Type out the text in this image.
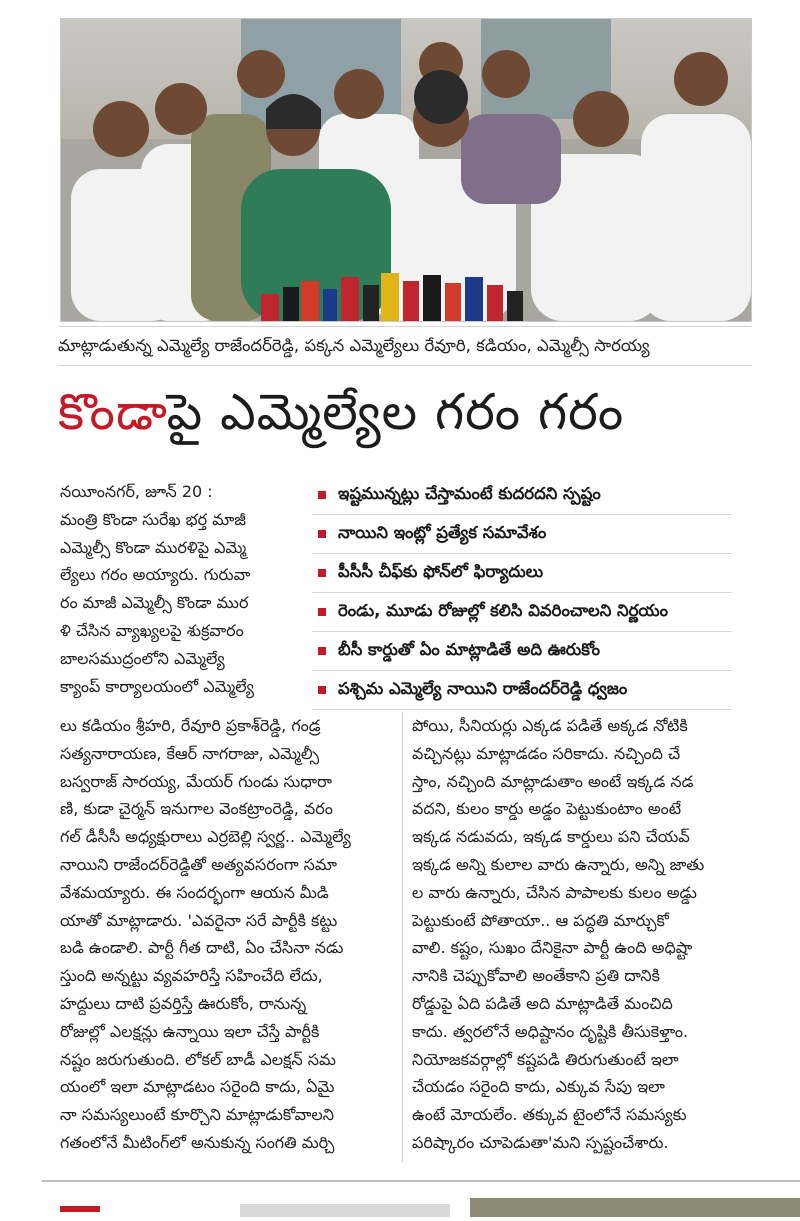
మాట్లాడుతున్న ఎమ్మెల్యే రాజేందర్‌రెడ్డి, పక్కన ఎమ్మెల్యేలు రేవూరి, కడియం, ఎమ్మెల్సీ సారయ్య
కొండాపై ఎమ్మెల్యేల గరం గరం
నయీంనగర్, జూన్ 20 :
మంత్రి కొండా సురేఖ భర్త మాజీ
ఎమ్మెల్సీ కొండా మురళిపై ఎమ్మె
ల్యేలు గరం అయ్యారు. గురువా
రం మాజీ ఎమ్మెల్సీ కొండా ముర
ళి చేసిన వ్యాఖ్యలపై శుక్రవారం
బాలసముద్రంలోని ఎమ్మెల్యే
క్యాంప్ కార్యాలయంలో ఎమ్మెల్యే
ఇష్టమున్నట్లు చేస్తామంటే కుదరదని స్పష్టం
నాయిని ఇంట్లో ప్రత్యేక సమావేశం
పీసీసీ చీఫ్‌కు ఫోన్‌లో ఫిర్యాదులు
రెండు, మూడు రోజుల్లో కలిసి వివరించాలని నిర్ణయం
బీసీ కార్డుతో ఏం మాట్లాడితే అది ఊరుకోం
పశ్చిమ ఎమ్మెల్యే నాయిని రాజేందర్‌రెడ్డి ధ్వజం
లు కడియం శ్రీహరి, రేవూరి ప్రకాశ్‌రెడ్డి, గండ్ర
సత్యనారాయణ, కేఆర్ నాగరాజు, ఎమ్మెల్సీ
బస్వరాజ్ సారయ్య, మేయర్ గుండు సుధారా
ణి, కుడా చైర్మన్ ఇనుగాల వెంకట్రాంరెడ్డి, వరం
గల్ డీసీసీ అధ్యక్షురాలు ఎర్రబెల్లి స్వర్ణ.. ఎమ్మెల్యే
నాయిని రాజేందర్‌రెడ్డితో అత్యవసరంగా సమా
వేశమయ్యారు. ఈ సందర్భంగా ఆయన మీడి
యాతో మాట్లాడారు. 'ఎవరైనా సరే పార్టీకి కట్టు
బడి ఉండాలి. పార్టీ గీత దాటి, ఏం చేసినా నడు
స్తుంది అన్నట్టు వ్యవహరిస్తే సహించేది లేదు,
హద్దులు దాటి ప్రవర్తిస్తే ఊరుకోం, రానున్న
రోజుల్లో ఎలక్షన్లు ఉన్నాయి ఇలా చేస్తే పార్టీకి
నష్టం జరుగుతుంది. లోకల్ బాడీ ఎలక్షన్ సమ
యంలో ఇలా మాట్లాడటం సరైంది కాదు, ఏమై
నా సమస్యలుంటే కూర్చొని మాట్లాడుకోవాలని
గతంలోనే మీటింగ్‌లో అనుకున్న సంగతి మర్చి
పోయి, సీనియర్లు ఎక్కడ పడితే అక్కడ నోటికి
వచ్చినట్లు మాట్లాడడం సరికాదు. నచ్చింది చే
స్తాం, నచ్చింది మాట్లాడుతాం అంటే ఇక్కడ నడ
వదని, కులం కార్డు అడ్డం పెట్టుకుంటాం అంటే
ఇక్కడ నడువదు, ఇక్కడ కార్డులు పని చేయవ్
ఇక్కడ అన్ని కులాల వారు ఉన్నారు, అన్ని జాతు
ల వారు ఉన్నారు, చేసిన పాపాలకు కులం అడ్డు
పెట్టుకుంటే పోతాయా.. ఆ పద్ధతి మార్చుకో
వాలి. కష్టం, సుఖం దేనికైనా పార్టీ ఉంది అధిష్టా
నానికి చెప్పుకోవాలి అంతేకాని ప్రతి దానికి
రోడ్డుపై ఏది పడితే అది మాట్లాడితే మంచిది
కాదు. త్వరలోనే అధిష్టానం దృష్టికి తీసుకెళ్తాం.
నియోజకవర్గాల్లో కష్టపడి తిరుగుతుంటే ఇలా
చేయడం సరైంది కాదు, ఎక్కువ సేపు ఇలా
ఉంటే మోయలేం. తక్కువ టైంలోనే సమస్యకు
పరిష్కారం చూపెడుతా'మని స్పష్టంచేశారు.
